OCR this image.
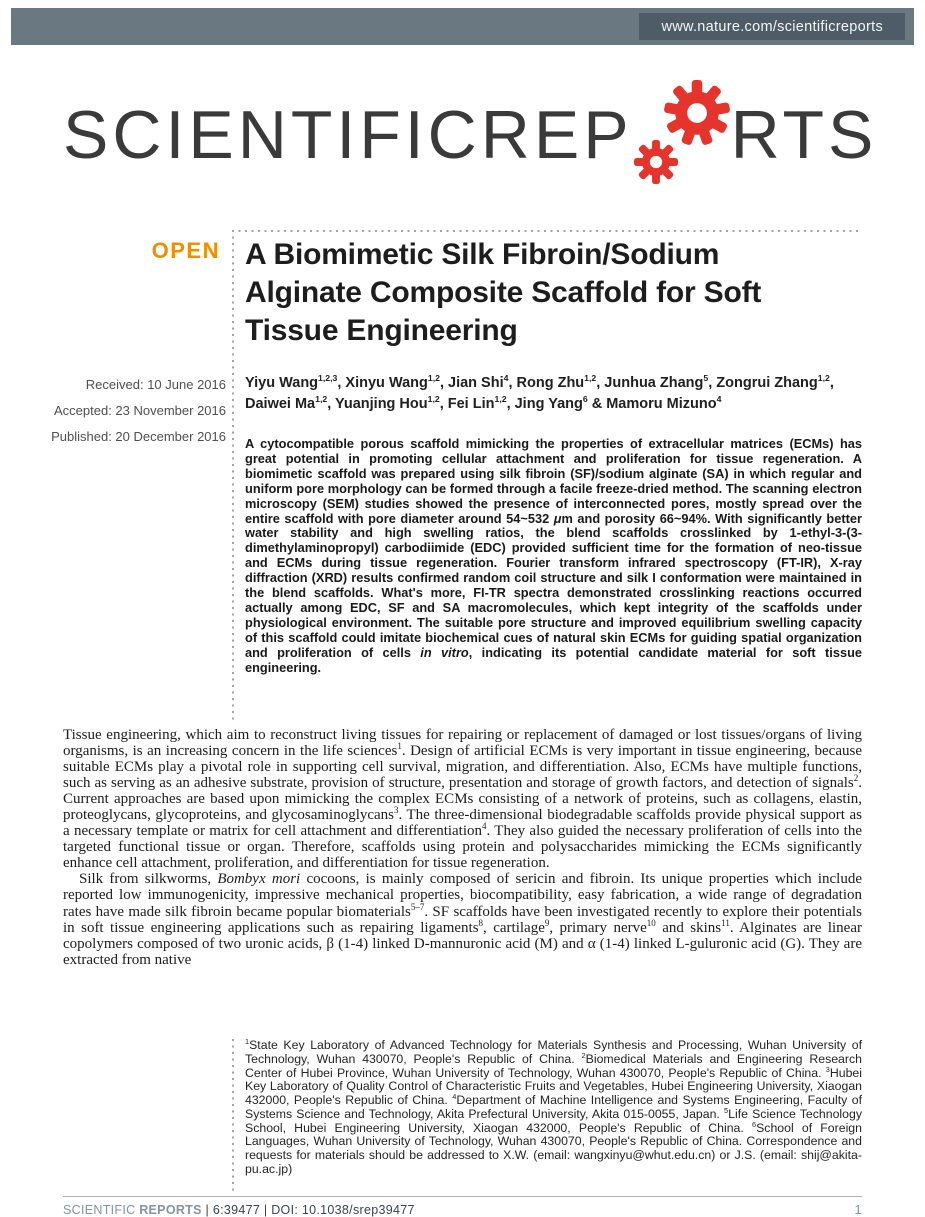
www.nature.com/scientificreports
SCIENTIFIC REP RTS
OPEN A Biomimetic Silk Fibroin/Sodium Alginate Composite Scaffold for Soft Tissue Engineering
Received: 10 June 2016
Accepted: 23 November 2016
Published: 20 December 2016
Yiyu Wang$^{1,2,3}$, Xinyu Wang$^{1,2}$, Jian Shi$^4$, Rong Zhu$^{1,2}$, Junhua Zhang$^5$, Zongrui Zhang$^{1,2}$, Daiwei Ma$^{1,2}$, Yuanjing Hou$^{1,2}$, Fei Lin$^{1,2}$, Jing Yang$^6$ & Mamoru Mizuno$^4$
A cytocompatible porous scaffold mimicking the properties of extracellular matrices (ECMs) has great potential in promoting cellular attachment and proliferation for tissue regeneration. A biomimetic scaffold was prepared using silk fibroin (SF)/sodium alginate (SA) in which regular and uniform pore morphology can be formed through a facile freeze-dried method. The scanning electron microscopy (SEM) studies showed the presence of interconnected pores, mostly spread over the entire scaffold with pore diameter around 54~532 μm and porosity 66~94%. With significantly better water stability and high swelling ratios, the blend scaffolds crosslinked by 1-ethyl-3-(3-dimethylaminopropyl) carbodiimide (EDC) provided sufficient time for the formation of neo-tissue and ECMs during tissue regeneration. Fourier transform infrared spectroscopy (FT-IR), X-ray diffraction (XRD) results confirmed random coil structure and silk I conformation were maintained in the blend scaffolds. What's more, FI-TR spectra demonstrated crosslinking reactions occurred actually among EDC, SF and SA macromolecules, which kept integrity of the scaffolds under physiological environment. The suitable pore structure and improved equilibrium swelling capacity of this scaffold could imitate biochemical cues of natural skin ECMs for guiding spatial organization and proliferation of cells in vitro, indicating its potential candidate material for soft tissue engineering.

Tissue engineering, which aim to reconstruct living tissues for repairing or replacement of damaged or lost tissues/organs of living organisms, is an increasing concern in the life sciences$^1$. Design of artificial ECMs is very important in tissue engineering, because suitable ECMs play a pivotal role in supporting cell survival, migration, and differentiation. Also, ECMs have multiple functions, such as serving as an adhesive substrate, provision of structure, presentation and storage of growth factors, and detection of signals$^2$. Current approaches are based upon mimicking the complex ECMs consisting of a network of proteins, such as collagens, elastin, proteoglycans, glycoproteins, and glycosaminoglycans$^3$. The three-dimensional biodegradable scaffolds provide physical support as a necessary template or matrix for cell attachment and differentiation$^4$. They also guided the necessary proliferation of cells into the targeted functional tissue or organ. Therefore, scaffolds using protein and polysaccharides mimicking the ECMs significantly enhance cell attachment, proliferation, and differentiation for tissue regeneration.

Silk from silkworms, Bombyx mori cocoons, is mainly composed of sericin and fibroin. Its unique properties which include reported low immunogenicity, impressive mechanical properties, biocompatibility, easy fabrication, a wide range of degradation rates have made silk fibroin became popular biomaterials$^{5-7}$. SF scaffolds have been investigated recently to explore their potentials in soft tissue engineering applications such as repairing ligaments$^8$, cartilage$^9$, primary nerve$^{10}$ and skins$^{11}$. Alginates are linear copolymers composed of two uronic acids, β (1-4) linked D-mannuronic acid (M) and α (1-4) linked L-guluronic acid (G). They are extracted from native

$^1$State Key Laboratory of Advanced Technology for Materials Synthesis and Processing, Wuhan University of Technology, Wuhan 430070, People's Republic of China. $^2$Biomedical Materials and Engineering Research Center of Hubei Province, Wuhan University of Technology, Wuhan 430070, People's Republic of China. $^3$Hubei Key Laboratory of Quality Control of Characteristic Fruits and Vegetables, Hubei Engineering University, Xiaogan 432000, People's Republic of China. $^4$Department of Machine Intelligence and Systems Engineering, Faculty of Systems Science and Technology, Akita Prefectural University, Akita 015-0055, Japan. $^5$Life Science Technology School, Hubei Engineering University, Xiaogan 432000, People's Republic of China. $^6$School of Foreign Languages, Wuhan University of Technology, Wuhan 430070, People's Republic of China. Correspondence and requests for materials should be addressed to X.W. (email: wangxinyu@whut.edu.cn) or J.S. (email: shij@akita-pu.ac.jp)
SCIENTIFIC REPORTS | 6:39477 | DOI: 10.1038/srep39477	1
